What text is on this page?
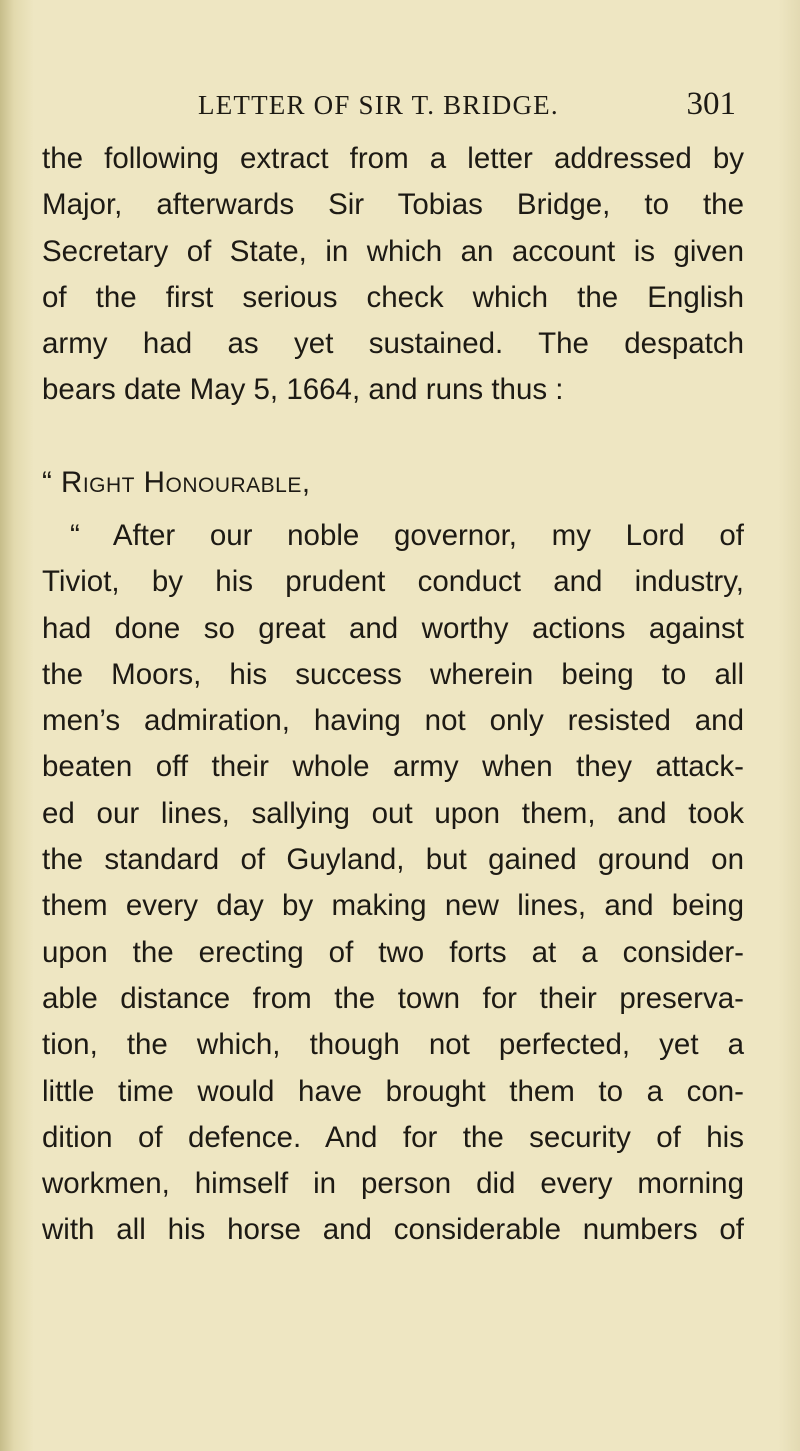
LETTER OF SIR T. BRIDGE.	301
the following extract from a letter addressed by
Major, afterwards Sir Tobias Bridge, to the
Secretary of State, in which an account is given
of the first serious check which the English
army had as yet sustained. The despatch
bears date May 5, 1664, and runs thus :
“ Right Honourable,
“ After our noble governor, my Lord of
Tiviot, by his prudent conduct and industry,
had done so great and worthy actions against
the Moors, his success wherein being to all
men’s admiration, having not only resisted and
beaten off their whole army when they attack-
ed our lines, sallying out upon them, and took
the standard of Guyland, but gained ground on
them every day by making new lines, and being
upon the erecting of two forts at a consider-
able distance from the town for their preserva-
tion, the which, though not perfected, yet a
little time would have brought them to a con-
dition of defence. And for the security of his
workmen, himself in person did every morning
with all his horse and considerable numbers of
